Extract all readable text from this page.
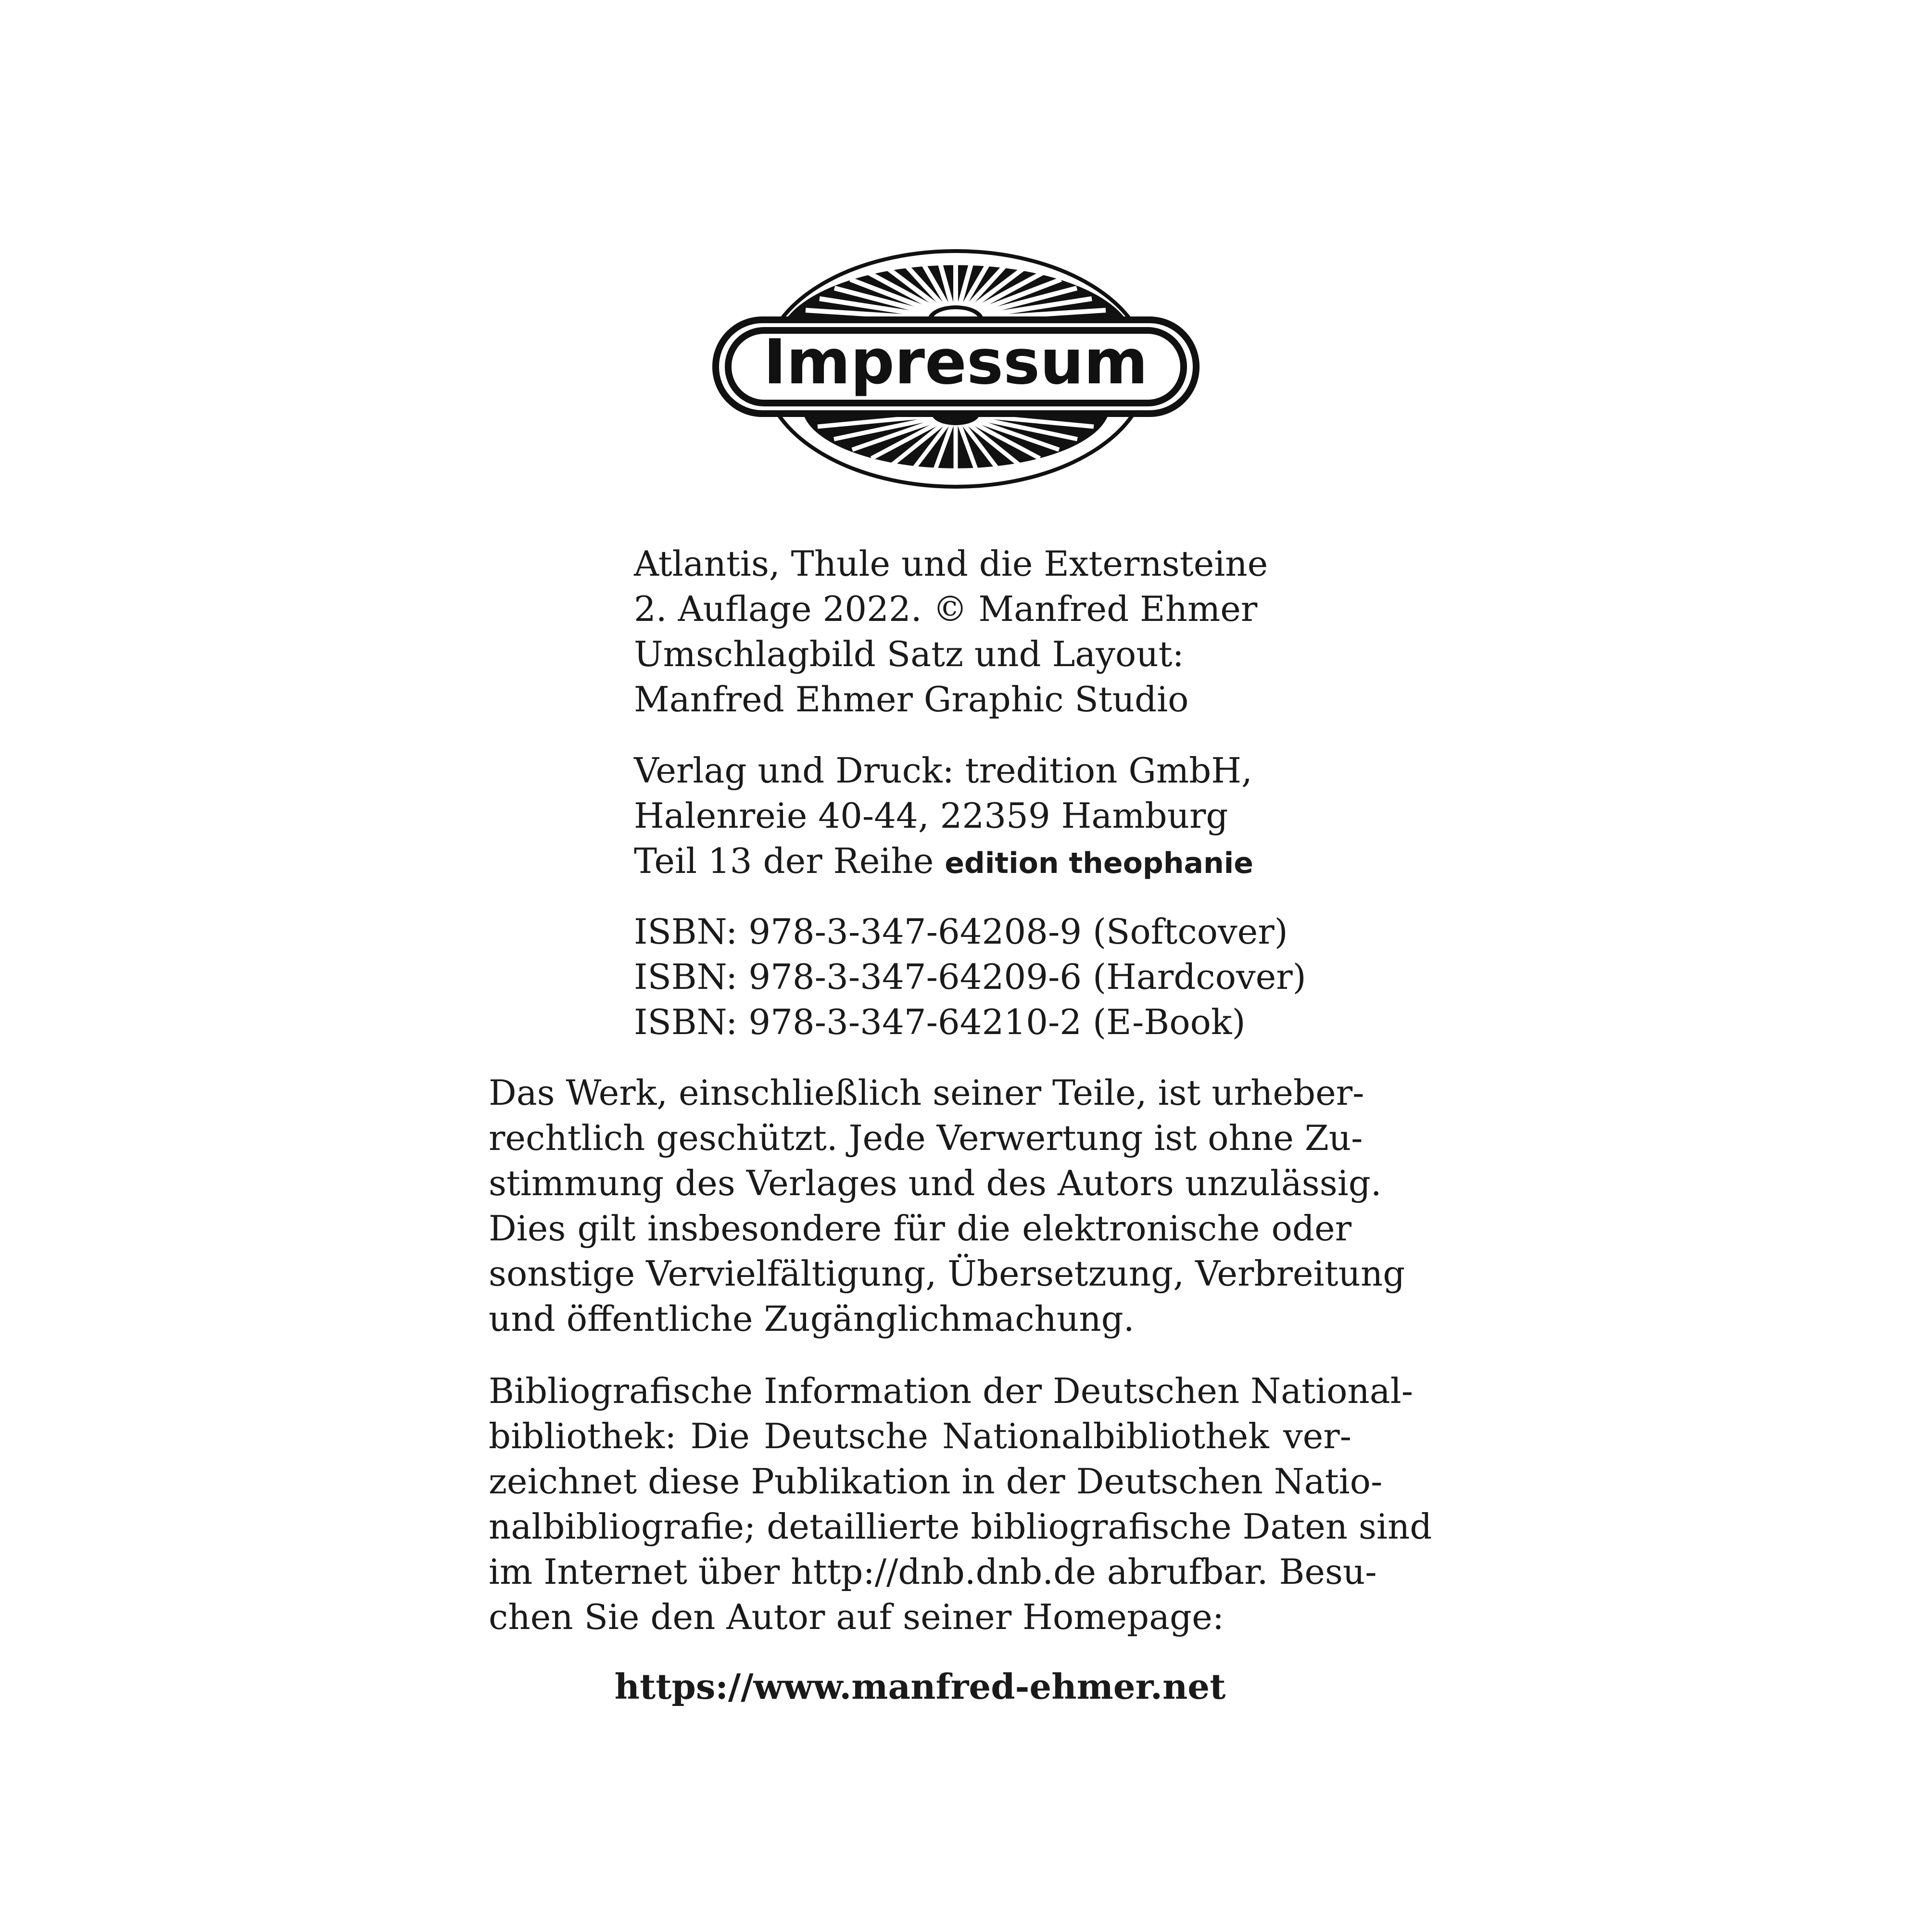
Impressum
Atlantis, Thule und die Externsteine
2. Auflage 2022. © Manfred Ehmer
Umschlagbild Satz und Layout:
Manfred Ehmer Graphic Studio
Verlag und Druck: tredition GmbH,
Halenreie 40-44, 22359 Hamburg
Teil 13 der Reihe edition theophanie
ISBN: 978-3-347-64208-9 (Softcover)
ISBN: 978-3-347-64209-6 (Hardcover)
ISBN: 978-3-347-64210-2 (E-Book)
Das Werk, einschließlich seiner Teile, ist urheber-
rechtlich geschützt. Jede Verwertung ist ohne Zu-
stimmung des Verlages und des Autors unzulässig.
Dies gilt insbesondere für die elektronische oder
sonstige Vervielfältigung, Übersetzung, Verbreitung
und öffentliche Zugänglichmachung.
Bibliografische Information der Deutschen National-
bibliothek: Die Deutsche Nationalbibliothek ver-
zeichnet diese Publikation in der Deutschen Natio-
nalbibliografie; detaillierte bibliografische Daten sind
im Internet über http://dnb.dnb.de abrufbar. Besu-
chen Sie den Autor auf seiner Homepage:
https://www.manfred-ehmer.net
